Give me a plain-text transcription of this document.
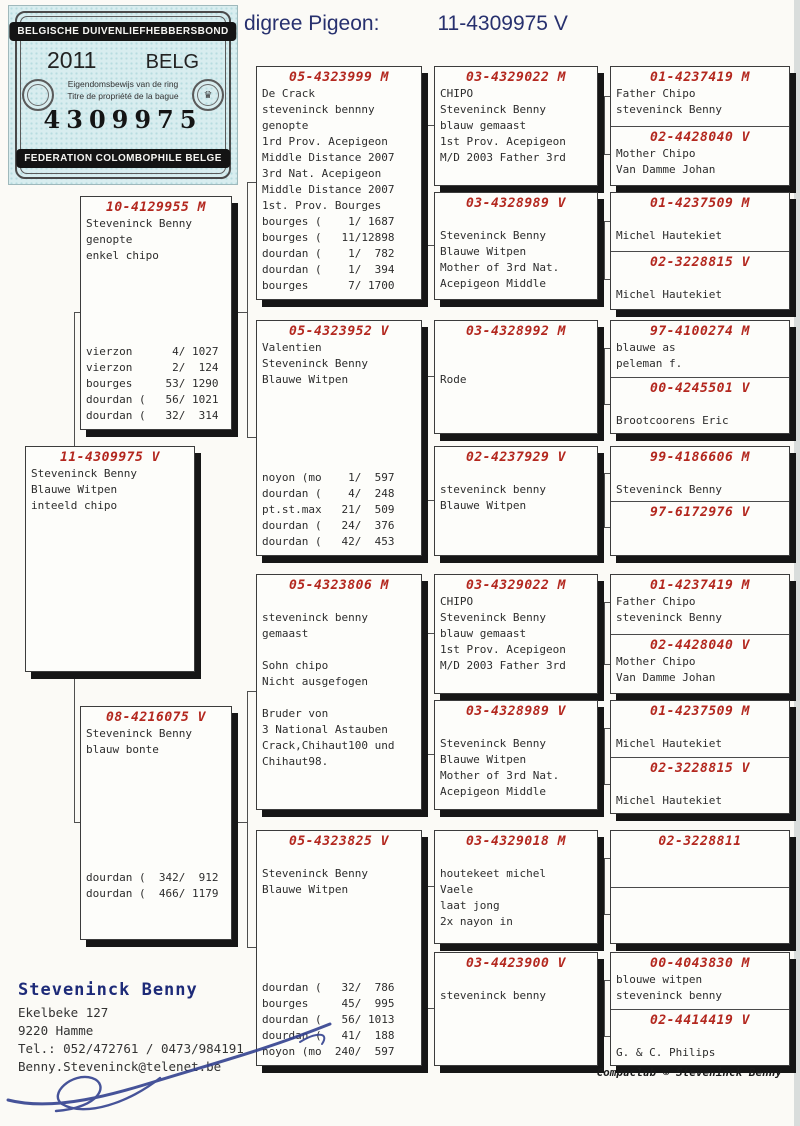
BELGISCHE DUIVENLIEFHEBBERSBOND
2011 BELG
Eigendomsbewijs van de ring
Titre de propriété de la bague
4309975
♛
FEDERATION COLOMBOPHILE BELGE
digree Pigeon:	11-4309975 V
11-4309975 V
Steveninck Benny
Blauwe Witpen
inteeld chipo
10-4129955 M
Steveninck Benny
genopte
enkel chipo
vierzon      4/ 1027
vierzon      2/  124
bourges     53/ 1290
dourdan (   56/ 1021
dourdan (   32/  314
08-4216075 V
Steveninck Benny
blauw bonte
dourdan (  342/  912
dourdan (  466/ 1179

05-4323999 M
De Crack
steveninck bennny
genopte
1rd Prov. Acepigeon
Middle Distance 2007
3rd Nat. Acepigeon
Middle Distance 2007
1st. Prov. Bourges
bourges (    1/ 1687
bourges (   11/12898
dourdan (    1/  782
dourdan (    1/  394
bourges      7/ 1700
05-4323952 V
Valentien
Steveninck Benny
Blauwe Witpen
noyon (mo    1/  597
dourdan (    4/  248
pt.st.max   21/  509
dourdan (   24/  376
dourdan (   42/  453
05-4323806 M

steveninck benny
gemaast

Sohn chipo
Nicht ausgefogen

Bruder von
3 National Astauben
Crack,Chihaut100 und
Chihaut98.
05-4323825 V

Steveninck Benny
Blauwe Witpen
dourdan (   32/  786
bourges     45/  995
dourdan (   56/ 1013
dourdan (   41/  188
noyon (mo  240/  597
03-4329022 M
CHIPO
Steveninck Benny
blauw gemaast
1st Prov. Acepigeon
M/D 2003 Father 3rd
03-4328989 V

Steveninck Benny
Blauwe Witpen
Mother of 3rd Nat.
Acepigeon Middle
03-4328992 M

Rode
02-4237929 V

steveninck benny
Blauwe Witpen
03-4329022 M
CHIPO
Steveninck Benny
blauw gemaast
1st Prov. Acepigeon
M/D 2003 Father 3rd
03-4328989 V

Steveninck Benny
Blauwe Witpen
Mother of 3rd Nat.
Acepigeon Middle
03-4329018 M

houtekeet michel
Vaele
laat jong
2x nayon in
03-4423900 V

steveninck benny
01-4237419 M
Father Chipo
steveninck Benny
02-4428040 V
Mother Chipo
Van Damme Johan
01-4237509 M

Michel Hautekiet
02-3228815 V

Michel Hautekiet
97-4100274 M
blauwe as
peleman f.
00-4245501 V

Brootcoorens Eric
99-4186606 M

Steveninck Benny
97-6172976 V
01-4237419 M
Father Chipo
steveninck Benny
02-4428040 V
Mother Chipo
Van Damme Johan
01-4237509 M

Michel Hautekiet
02-3228815 V

Michel Hautekiet
02-3228811
00-4043830 M
blouwe witpen
steveninck benny
02-4414419 V

G. & C. Philips
Steveninck Benny
Ekelbeke 127
9220 Hamme
Tel.: 052/472761 / 0473/984191
Benny.Steveninck@telenet.be	Compuclub © Steveninck Benny
